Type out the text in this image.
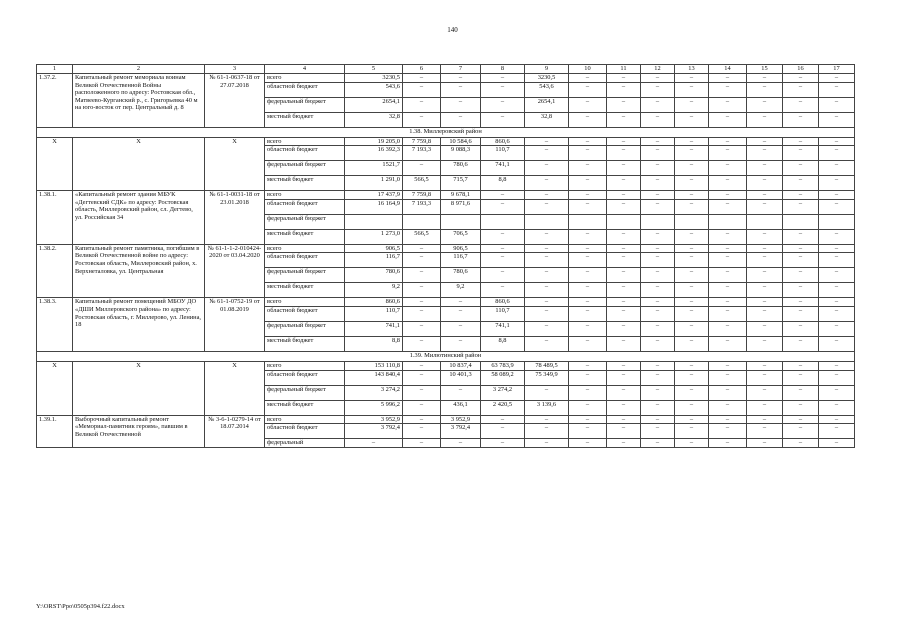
140
1	2	3	4	5	6	7	8	9	10	11	12	13	14	15	16	17
1.37.2.	Капитальный ремонт мемориала воинам Великой Отечественной Войны расположенного по адресу: Ростовская обл., Матвеево-Курганский р., с. Григорьевка 40 м на юго-восток от пер. Центральный д. 8	№ 61-1-0637-18 от 27.07.2018	всего	3230,5	–	–	–	3230,5	–	–	–	–	–	–	–	–
			областной бюджет	543,6	–	–	–	543,6	–	–	–	–	–	–	–	–
			федеральный бюджет	2654,1	–	–	–	2654,1	–	–	–	–	–	–	–	–
			местный бюджет	32,8	–	–	–	32,8	–	–	–	–	–	–	–	–
1.38. Миллеровский район																
Х	Х	Х	всего	19 205,0	7 759,8	10 584,6	860,6	–	–	–	–	–	–	–	–	–
			областной бюджет	16 392,3	7 193,3	9 088,3	110,7	–	–	–	–	–	–	–	–	–
			федеральный бюджет	1521,7	–	780,6	741,1	–	–	–	–	–	–	–	–	–
			местный бюджет	1 291,0	566,5	715,7	8,8	–	–	–	–	–	–	–	–	–
1.38.1.	«Капитальный ремонт здания МБУК «Дегтевский СДК» по адресу: Ростовская область, Миллеровский район, сл. Дегтево, ул. Российская 34	№ 61-1-0031-18 от 23.01.2018	всего	17 437,9	7 759,8	9 678,1	–	–	–	–	–	–	–	–	–	–
			областной бюджет	16 164,9	7 193,3	8 971,6	–	–	–	–	–	–	–	–	–	–
			федеральный бюджет													
			местный бюджет	1 273,0	566,5	706,5	–	–	–	–	–	–	–	–	–	–
1.38.2.	Капитальный ремонт памятника, погибшим в Великой Отечественной войне по адресу: Ростовская область, Миллеровский район, х. Верхнеталовка, ул. Центральная	№ 61-1-1-2-010424-2020 от 03.04.2020	всего	906,5	–	906,5	–	–	–	–	–	–	–	–	–	–
			областной бюджет	116,7	–	116,7	–	–	–	–	–	–	–	–	–	–
			федеральный бюджет	780,6	–	780,6	–	–	–	–	–	–	–	–	–	–
			местный бюджет	9,2	–	9,2	–	–	–	–	–	–	–	–	–	–
1.38.3.	Капитальный ремонт помещений МБОУ ДО «ДШИ Миллеровского района» по адресу: Ростовская область, г. Миллерово, ул. Ленина, 18	№ 61-1-0752-19 от 01.08.2019	всего	860,6	–	–	860,6	–	–	–	–	–	–	–	–	–
			областной бюджет	110,7	–	–	110,7	–	–	–	–	–	–	–	–	–
			федеральный бюджет	741,1	–	–	741,1	–	–	–	–	–	–	–	–	–
			местный бюджет	8,8	–	–	8,8	–	–	–	–	–	–	–	–	–
1.39. Милютинский район																
Х	Х	Х	всего	153 110,8	–	10 837,4	63 783,9	78 489,5	–	–	–	–	–	–	–	–
			областной бюджет	143 840,4	–	10 401,3	58 089,2	75 349,9	–	–	–	–	–	–	–	–
			федеральный бюджет	3 274,2	–	–	3 274,2	–	–	–	–	–	–	–	–	–
			местный бюджет	5 996,2	–	436,1	2 420,5	3 139,6	–	–	–	–	–	–	–	–
1.39.1.	Выборочный капитальный ремонт «Мемориал-памятник героям», павшим в Великой Отечественной	№ 3-6-1-0279-14 от 18.07.2014	всего	3 952,9	–	3 952,9	–	–	–	–	–	–	–	–	–	–
			областной бюджет	3 792,4	–	3 792,4	–	–	–	–	–	–	–	–	–	–
			федеральный	–	–	–	–	–	–	–	–	–	–	–	–	–
Y:\ORST\Ppo\0505p394.f22.docx
